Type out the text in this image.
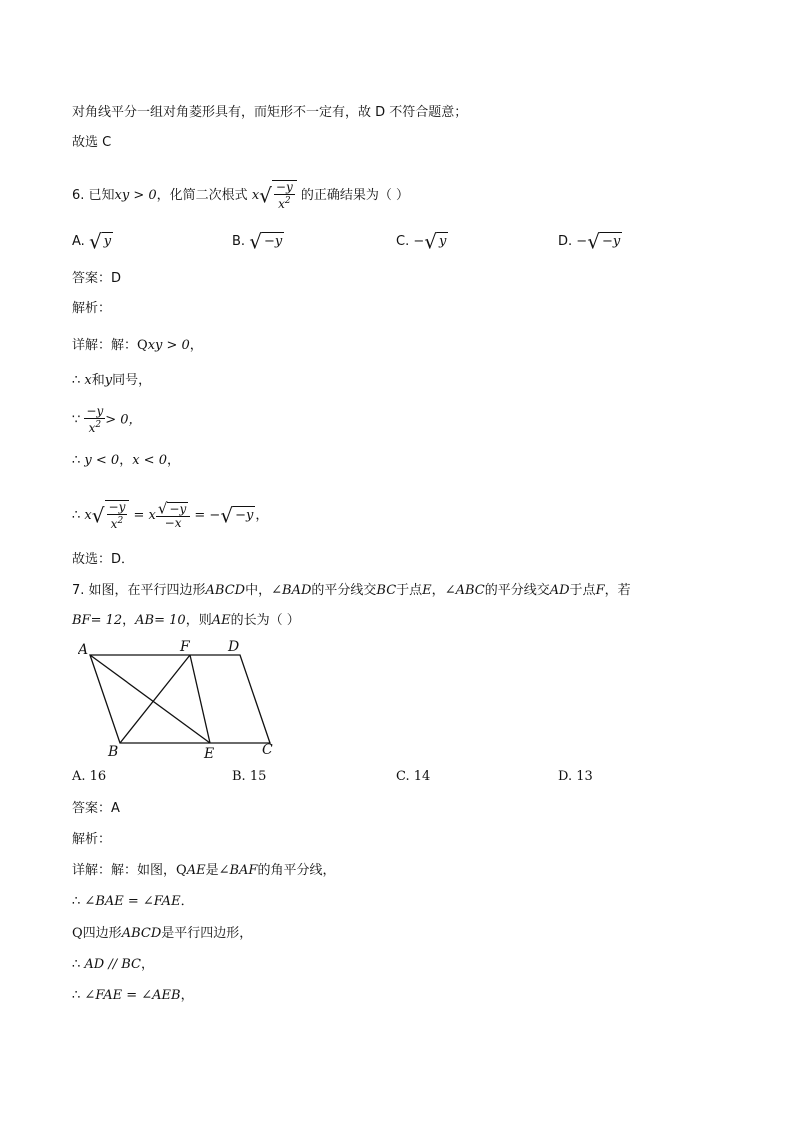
对角线平分一组对角菱形具有，而矩形不一定有，故 D 不符合题意；
故选 C
6. 已知xy > 0，化简二次根式 $x√ \frac{-y}{x^2}$ 的正确结果为（ ）
A. √ y	B. √ −y	C. −√ y	D. −√ −y
答案：D
解析：
详解：解：Qxy > 0，
∴ x和y同号，
∵ $\frac{-y}{x^2} > 0$，
∴ y < 0，x < 0，
∴ $x√ \frac{-y}{x^2} = x \frac{√ -y}{-x}$ = −√ −y ，
故选：D．
7. 如图，在平行四边形ABCD中，∠BAD的平分线交BC于点E，∠ABC的平分线交AD于点F，若
BF= 12，AB= 10，则AE的长为（ ）
A	F	D
B	E	C
A. 16	B. 15	C. 14	D. 13
答案：A
解析：
详解：解：如图，QAE是∠BAF的角平分线，
∴ ∠BAE = ∠FAE．
Q四边形ABCD是平行四边形，
∴ AD // BC，
∴ ∠FAE = ∠AEB，
